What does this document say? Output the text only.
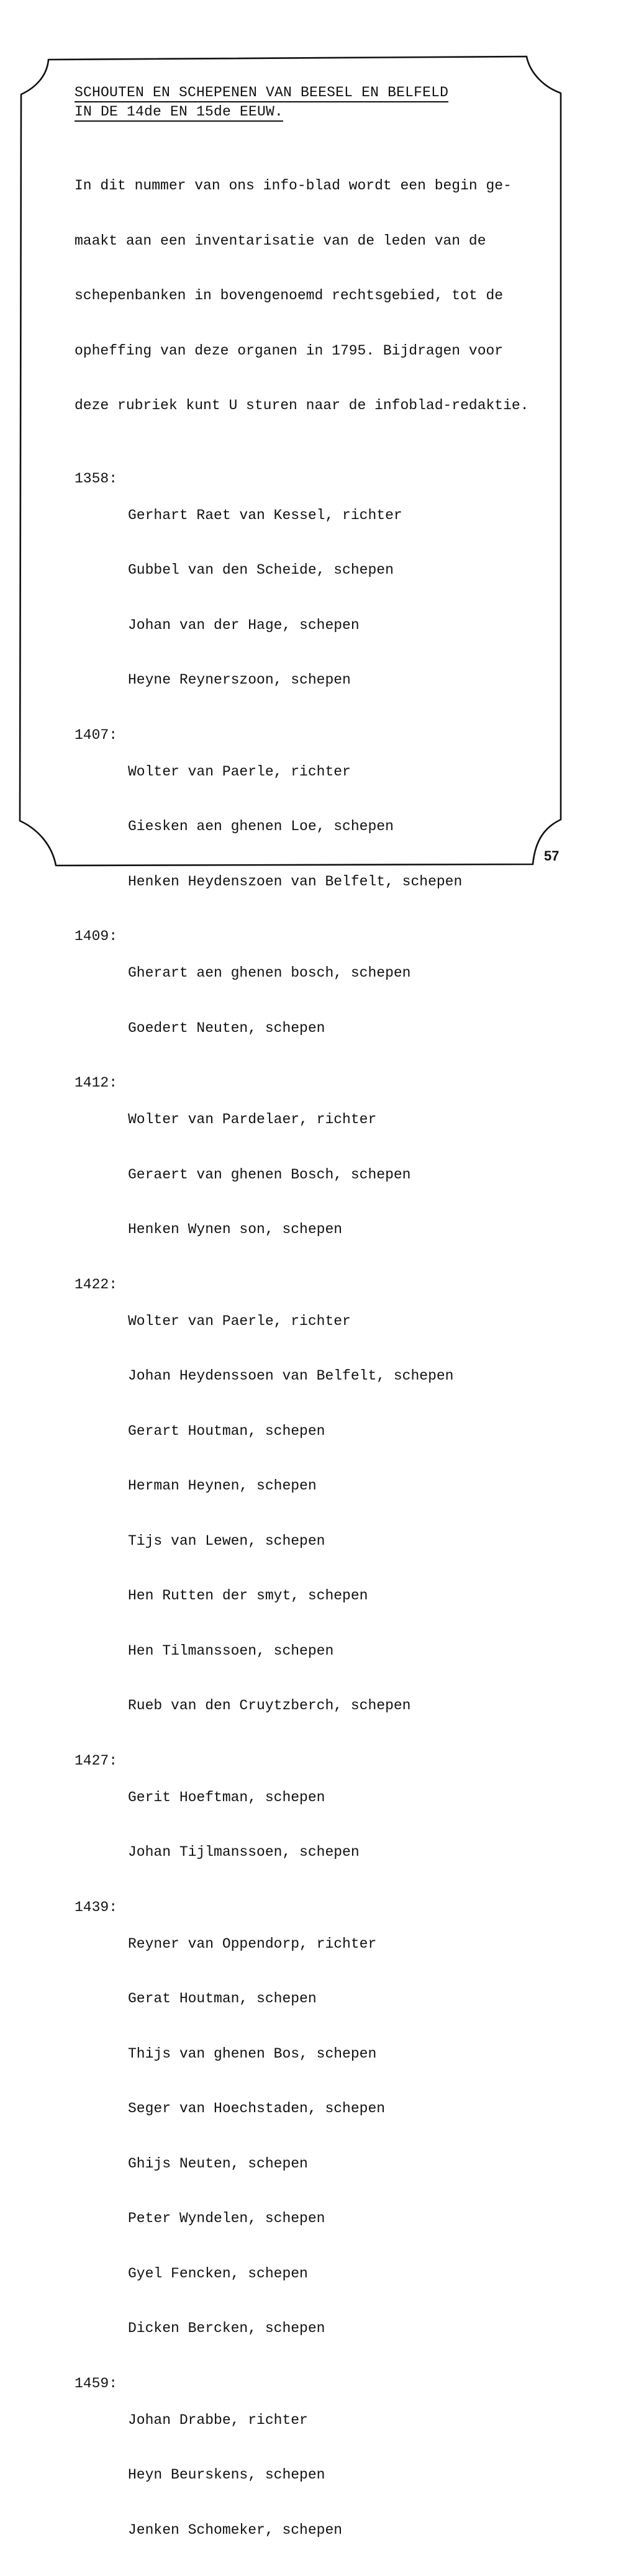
SCHOUTEN EN SCHEPENEN VAN BEESEL EN BELFELD
IN DE 14de EN 15de EEUW.

In dit nummer van ons info-blad wordt een begin ge-

maakt aan een inventarisatie van de leden van de

schepenbanken in bovengenoemd rechtsgebied, tot de

opheffing van deze organen in 1795. Bijdragen voor

deze rubriek kunt U sturen naar de infoblad-redaktie.

1358:

Gerhart Raet van Kessel, richter

Gubbel van den Scheide, schepen

Johan van der Hage, schepen

Heyne Reynerszoon, schepen

1407:

Wolter van Paerle, richter

Giesken aen ghenen Loe, schepen

Henken Heydenszoen van Belfelt, schepen

1409:

Gherart aen ghenen bosch, schepen

Goedert Neuten, schepen

1412:

Wolter van Pardelaer, richter

Geraert van ghenen Bosch, schepen

Henken Wynen son, schepen

1422:

Wolter van Paerle, richter

Johan Heydenssoen van Belfelt, schepen

Gerart Houtman, schepen

Herman Heynen, schepen

Tijs van Lewen, schepen

Hen Rutten der smyt, schepen

Hen Tilmanssoen, schepen

Rueb van den Cruytzberch, schepen

1427:

Gerit Hoeftman, schepen

Johan Tijlmanssoen, schepen

1439:

Reyner van Oppendorp, richter

Gerat Houtman, schepen

Thijs van ghenen Bos, schepen

Seger van Hoechstaden, schepen

Ghijs Neuten, schepen

Peter Wyndelen, schepen

Gyel Fencken, schepen

Dicken Bercken, schepen

1459:

Johan Drabbe, richter

Heyn Beurskens, schepen

Jenken Schomeker, schepen

57
